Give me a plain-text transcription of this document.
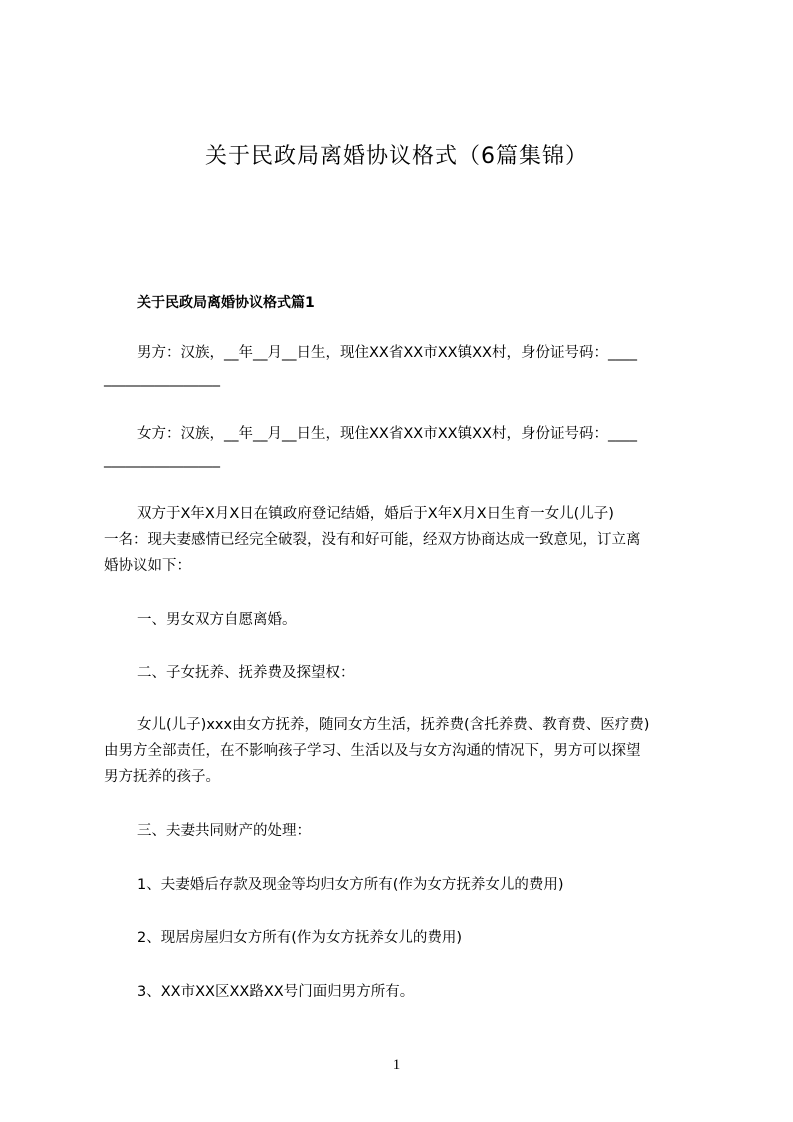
关于民政局离婚协议格式（6篇集锦）
关于民政局离婚协议格式篇1
男方：汉族，__年__月__日生，现住XX省XX市XX镇XX村，身份证号码：____
________________
女方：汉族，__年__月__日生，现住XX省XX市XX镇XX村，身份证号码：____
________________
双方于X年X月X日在镇政府登记结婚，婚后于X年X月X日生育一女儿(儿子)
一名：现夫妻感情已经完全破裂，没有和好可能，经双方协商达成一致意见，订立离
婚协议如下：
一、男女双方自愿离婚。
二、子女抚养、抚养费及探望权：
女儿(儿子)xxx由女方抚养，随同女方生活，抚养费(含托养费、教育费、医疗费)
由男方全部责任，在不影响孩子学习、生活以及与女方沟通的情况下，男方可以探望
男方抚养的孩子。
三、夫妻共同财产的处理：
1、夫妻婚后存款及现金等均归女方所有(作为女方抚养女儿的费用)
2、现居房屋归女方所有(作为女方抚养女儿的费用)
3、XX市XX区XX路XX号门面归男方所有。
1
